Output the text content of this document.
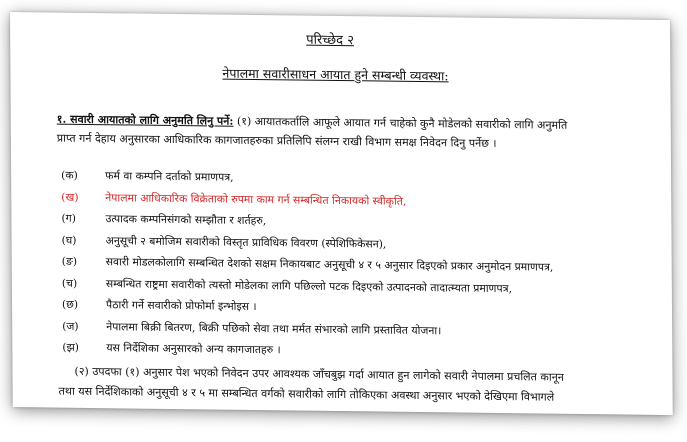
परिच्छेद २
नेपालमा सवारीसाधन आयात हुने सम्बन्धी व्यवस्था:
१. सवारी आयातको लागि अनुमति लिनु पर्ने: (१) आयातकर्तालि आफूले आयात गर्न चाहेको कुनै मोडेलको सवारीको लागि अनुमति
प्राप्त गर्न देहाय अनुसारका आधिकारिक कागजातहरुका प्रतिलिपि संलग्न राखी विभाग समक्ष निवेदन दिनु पर्नेछ ।
(क)	फर्म वा कम्पनि दर्ताको प्रमाणपत्र,
(ख) नेपालमा आधिकारिक विक्रेताको रुपमा काम गर्न सम्बन्धित निकायको स्वीकृति,
(ग)	उत्पादक कम्पनिसंगको सम्झौता र शर्तहरु,
(घ)	अनुसूची २ बमोजिम सवारीको विस्तृत प्राविधिक विवरण (स्पेशिफिकेसन),
(ङ)	सवारी मोडलकोलागि सम्बन्धित देशको सक्षम निकायबाट अनुसूची ४ र ५ अनुसार दिइएको प्रकार अनुमोदन प्रमाणपत्र,
(च)	सम्बन्धित राष्ट्रमा सवारीको त्यस्तो मोडेलका लागि पछिल्लो पटक दिइएको उत्पादनको तादात्म्यता प्रमाणपत्र,
(छ)	पैठारी गर्ने सवारीको प्रोफोर्मा इन्भोइस ।
(ज)	नेपालमा बिक्री बितरण, बिक्री पछिको सेवा तथा मर्मत संभारको लागि प्रस्तावित योजना।
(झ)	यस निर्देशिका अनुसारको अन्य कागजातहरु ।
(२) उपदफा (१) अनुसार पेश भएको निवेदन उपर आवश्यक जाँचबुझ गर्दा आयात हुन लागेको सवारी नेपालमा प्रचलित कानून
तथा यस निर्देशिकाको अनुसूची ४ र ५ मा सम्बन्धित वर्गको सवारीको लागि तोकिएका अवस्था अनुसार भएको देखिएमा विभागले
